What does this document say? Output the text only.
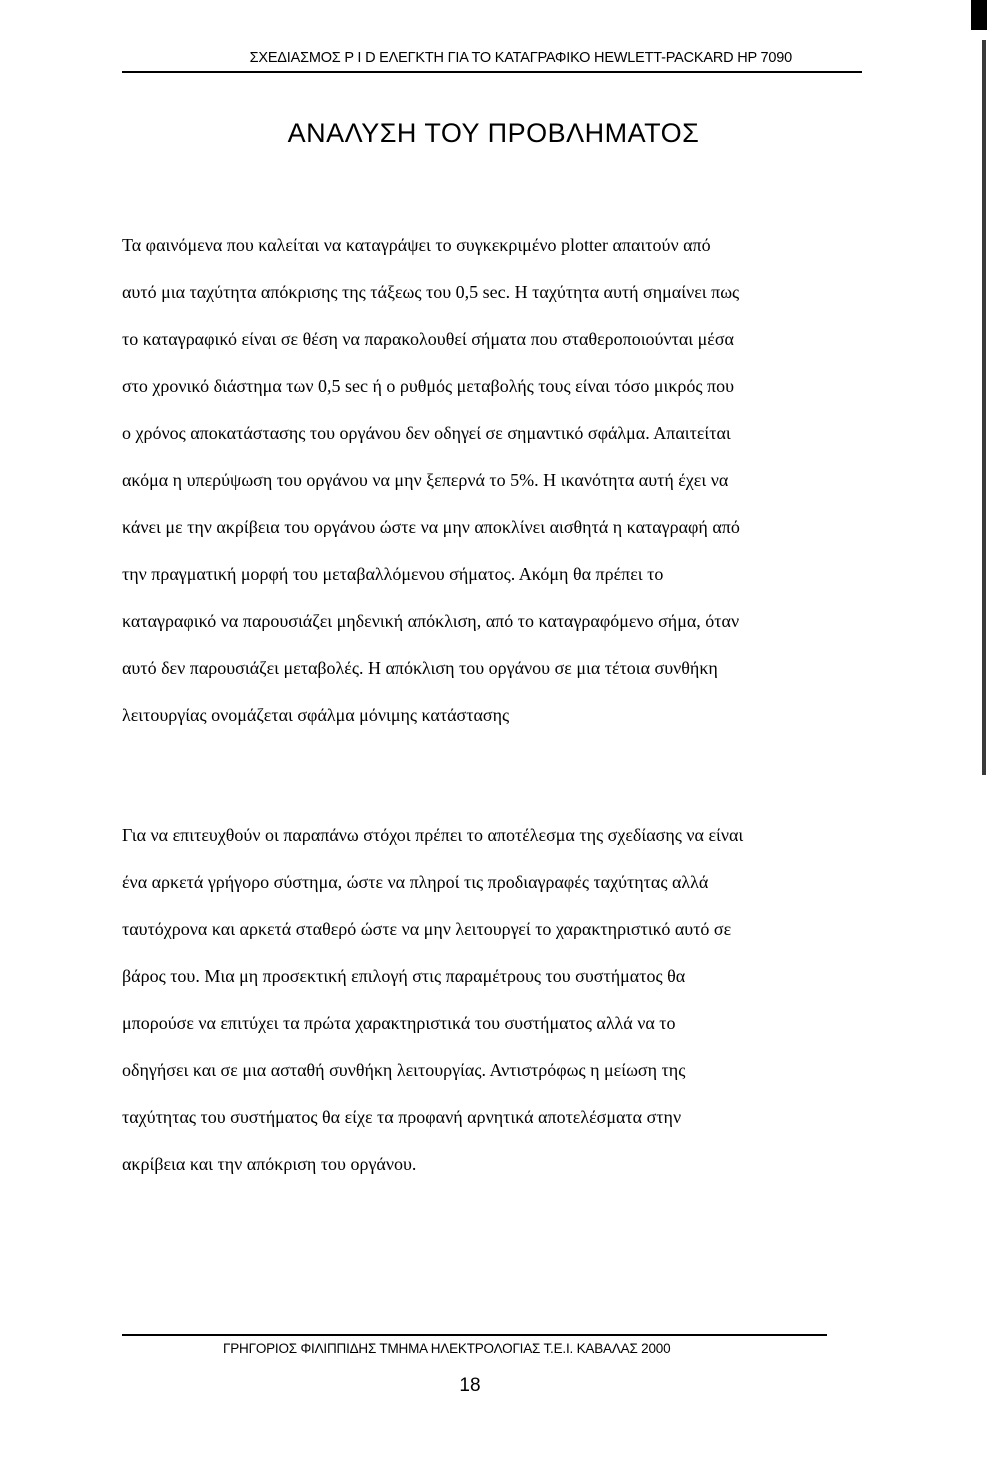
ΣΧΕΔΙΑΣΜΟΣ P I D ΕΛΕΓΚΤΗ ΓΙΑ ΤΟ ΚΑΤΑΓΡΑΦΙΚΟ HEWLETT-PACKARD HP 7090
ΑΝΑΛΥΣΗ ΤΟΥ ΠΡΟΒΛΗΜΑΤΟΣ

Τα φαινόμενα που καλείται να καταγράψει το συγκεκριμένο plotter απαιτούν από
αυτό μια ταχύτητα απόκρισης της τάξεως του 0,5 sec. Η ταχύτητα αυτή σημαίνει πως
το καταγραφικό είναι σε θέση να παρακολουθεί σήματα που σταθεροποιούνται μέσα
στο χρονικό διάστημα των 0,5 sec ή ο ρυθμός μεταβολής τους είναι τόσο μικρός που
ο χρόνος αποκατάστασης του οργάνου δεν οδηγεί σε σημαντικό σφάλμα. Απαιτείται
ακόμα η υπερύψωση του οργάνου να μην ξεπερνά το 5%. Η ικανότητα αυτή έχει να
κάνει με την ακρίβεια του οργάνου ώστε να μην αποκλίνει αισθητά η καταγραφή από
την πραγματική μορφή του μεταβαλλόμενου σήματος. Ακόμη θα πρέπει το
καταγραφικό να παρουσιάζει μηδενική απόκλιση, από το καταγραφόμενο σήμα, όταν
αυτό δεν παρουσιάζει μεταβολές. Η απόκλιση του οργάνου σε μια τέτοια συνθήκη
λειτουργίας ονομάζεται σφάλμα μόνιμης κατάστασης

Για να επιτευχθούν οι παραπάνω στόχοι πρέπει το αποτέλεσμα της σχεδίασης να είναι
ένα αρκετά γρήγορο σύστημα, ώστε να πληροί τις προδιαγραφές ταχύτητας αλλά
ταυτόχρονα και αρκετά σταθερό ώστε να μην λειτουργεί το χαρακτηριστικό αυτό σε
βάρος του. Μια μη προσεκτική επιλογή στις παραμέτρους του συστήματος θα
μπορούσε να επιτύχει τα πρώτα χαρακτηριστικά του συστήματος αλλά να το
οδηγήσει και σε μια ασταθή συνθήκη λειτουργίας. Αντιστρόφως η μείωση της
ταχύτητας του συστήματος θα είχε τα προφανή αρνητικά αποτελέσματα στην
ακρίβεια και την απόκριση του οργάνου.

ΓΡΗΓΟΡΙΟΣ ΦΙΛΙΠΠΙΔΗΣ ΤΜΗΜΑ ΗΛΕΚΤΡΟΛΟΓΙΑΣ Τ.Ε.Ι. ΚΑΒΑΛΑΣ 2000
18
